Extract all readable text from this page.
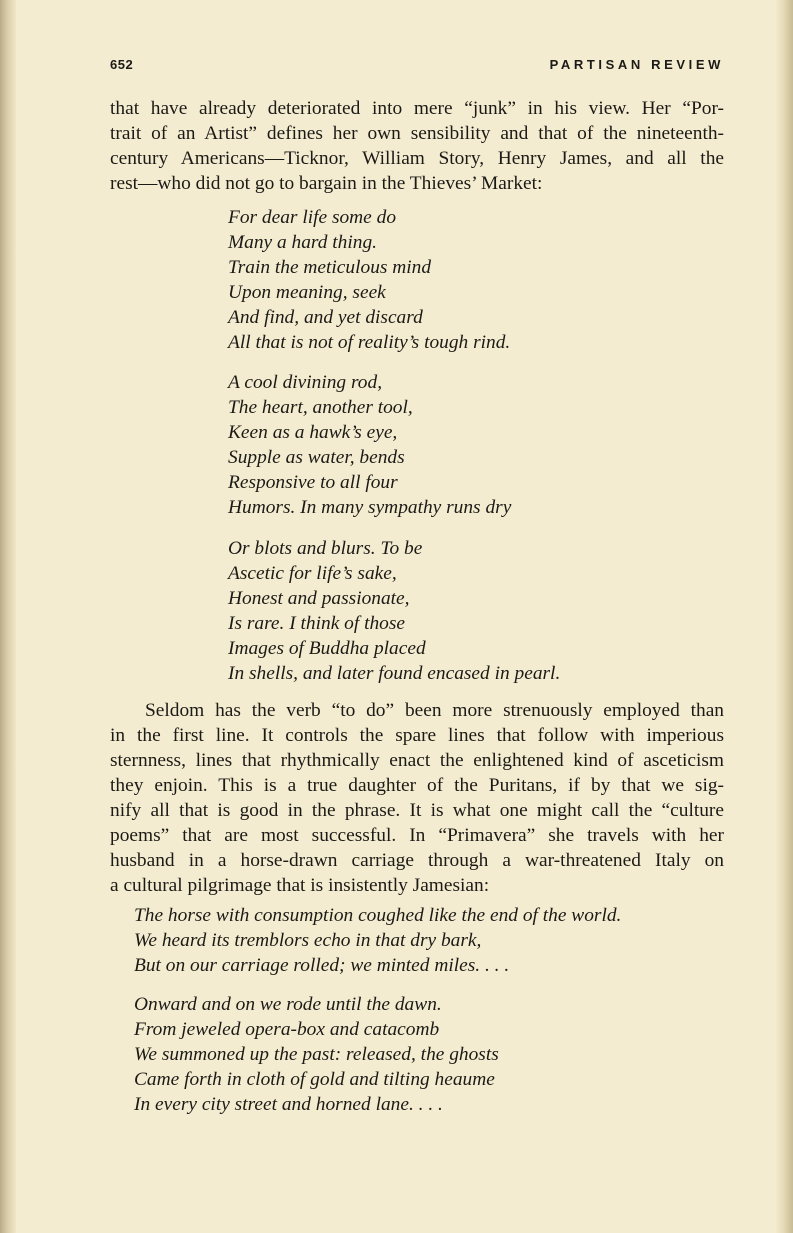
652	PARTISAN REVIEW
that have already deteriorated into mere “junk” in his view. Her “Por-
trait of an Artist” defines her own sensibility and that of the nineteenth-
century Americans—Ticknor, William Story, Henry James, and all the
rest—who did not go to bargain in the Thieves’ Market:
For dear life some do
Many a hard thing.
Train the meticulous mind
Upon meaning, seek
And find, and yet discard
All that is not of reality’s tough rind.
A cool divining rod,
The heart, another tool,
Keen as a hawk’s eye,
Supple as water, bends
Responsive to all four
Humors. In many sympathy runs dry
Or blots and blurs. To be
Ascetic for life’s sake,
Honest and passionate,
Is rare. I think of those
Images of Buddha placed
In shells, and later found encased in pearl.
Seldom has the verb “to do” been more strenuously employed than
in the first line. It controls the spare lines that follow with imperious
sternness, lines that rhythmically enact the enlightened kind of asceticism
they enjoin. This is a true daughter of the Puritans, if by that we sig-
nify all that is good in the phrase. It is what one might call the “culture
poems” that are most successful. In “Primavera” she travels with her
husband in a horse-drawn carriage through a war-threatened Italy on
a cultural pilgrimage that is insistently Jamesian:
The horse with consumption coughed like the end of the world.
We heard its tremblors echo in that dry bark,
But on our carriage rolled; we minted miles. . . .
Onward and on we rode until the dawn.
From jeweled opera-box and catacomb
We summoned up the past: released, the ghosts
Came forth in cloth of gold and tilting heaume
In every city street and horned lane. . . .
